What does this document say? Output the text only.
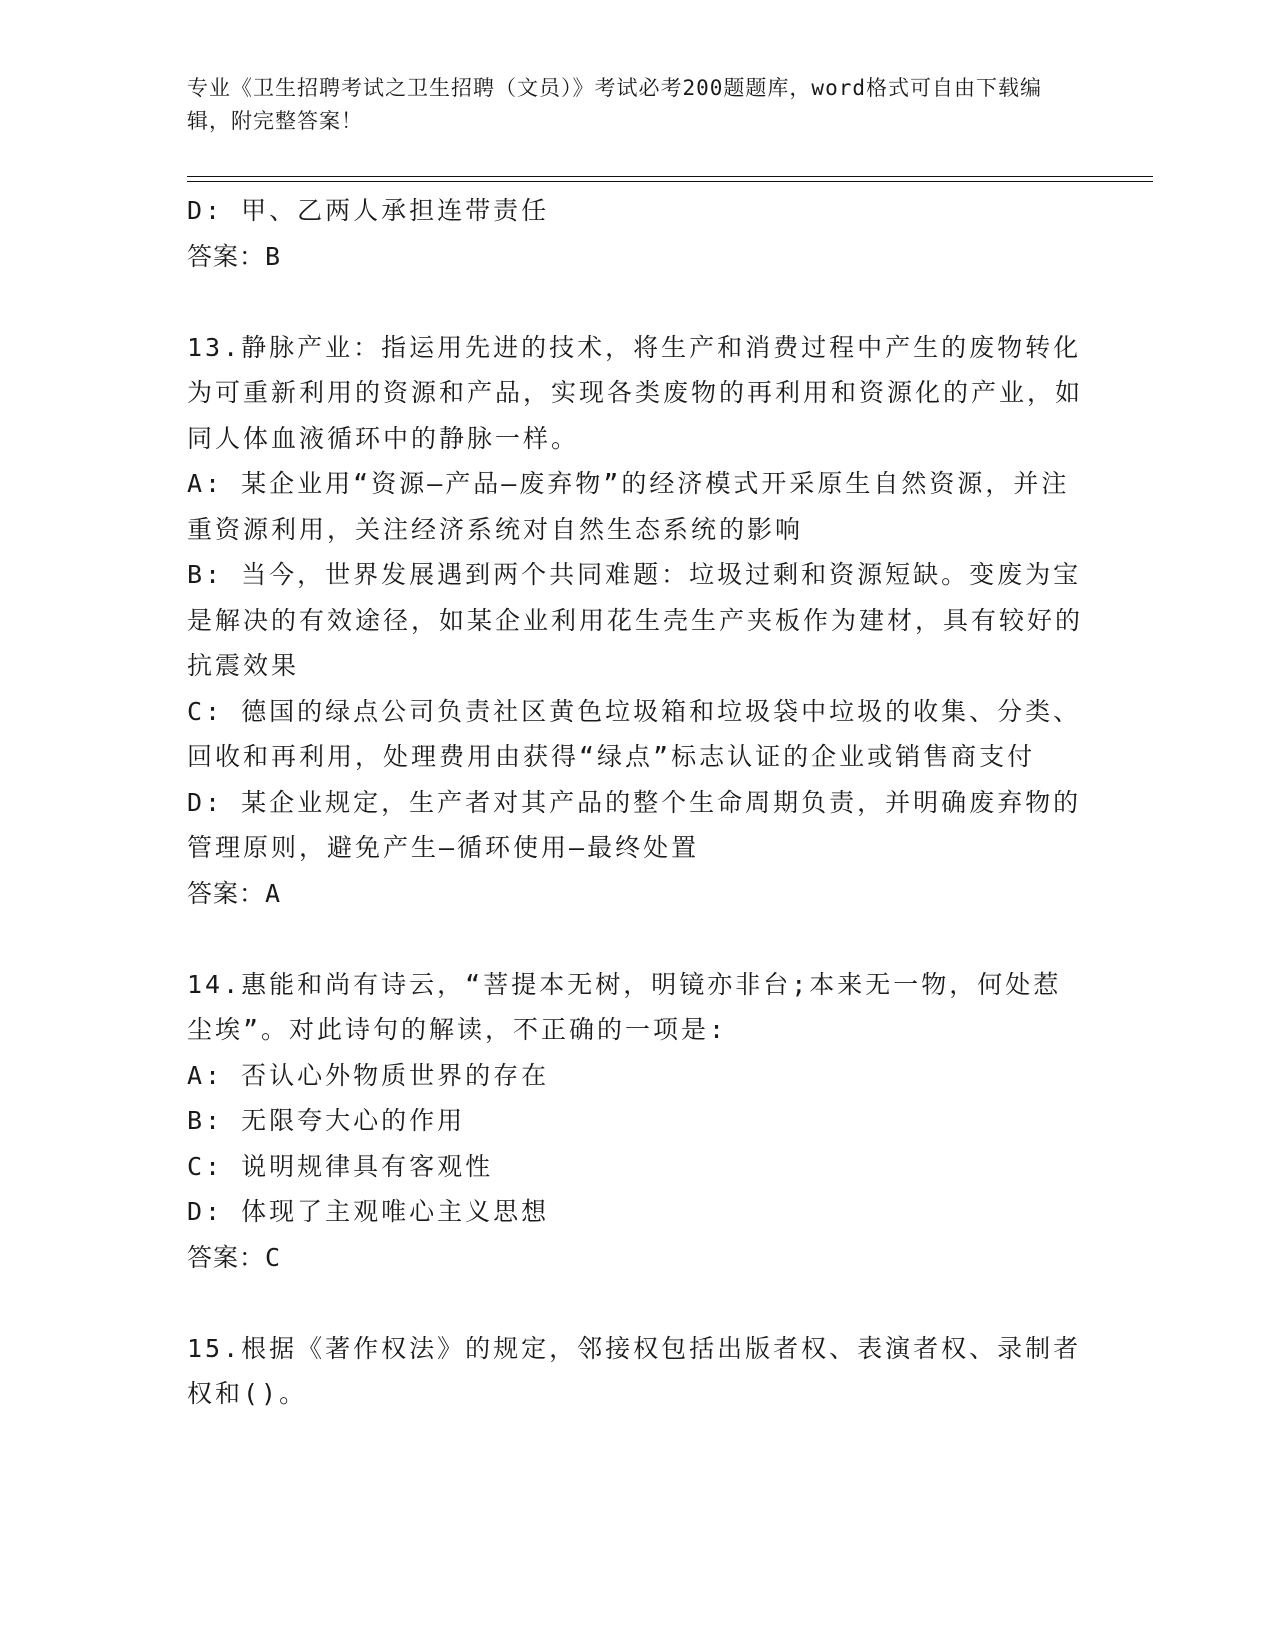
专业《卫生招聘考试之卫生招聘（文员）》考试必考200题题库，word格式可自由下载编辑，附完整答案！

D: 甲、乙两人承担连带责任

答案：B

13.静脉产业：指运用先进的技术，将生产和消费过程中产生的废物转化为可重新利用的资源和产品，实现各类废物的再利用和资源化的产业，如同人体血液循环中的静脉一样。

A: 某企业用“资源—产品—废弃物”的经济模式开采原生自然资源，并注重资源利用，关注经济系统对自然生态系统的影响

B: 当今，世界发展遇到两个共同难题：垃圾过剩和资源短缺。变废为宝是解决的有效途径，如某企业利用花生壳生产夹板作为建材，具有较好的抗震效果

C: 德国的绿点公司负责社区黄色垃圾箱和垃圾袋中垃圾的收集、分类、回收和再利用，处理费用由获得“绿点”标志认证的企业或销售商支付

D: 某企业规定，生产者对其产品的整个生命周期负责，并明确废弃物的管理原则，避免产生—循环使用—最终处置

答案：A

14.惠能和尚有诗云，“菩提本无树，明镜亦非台;本来无一物，何处惹尘埃”。对此诗句的解读，不正确的一项是:

A: 否认心外物质世界的存在

B: 无限夸大心的作用

C: 说明规律具有客观性

D: 体现了主观唯心主义思想

答案：C

15.根据《著作权法》的规定，邻接权包括出版者权、表演者权、录制者权和()。
